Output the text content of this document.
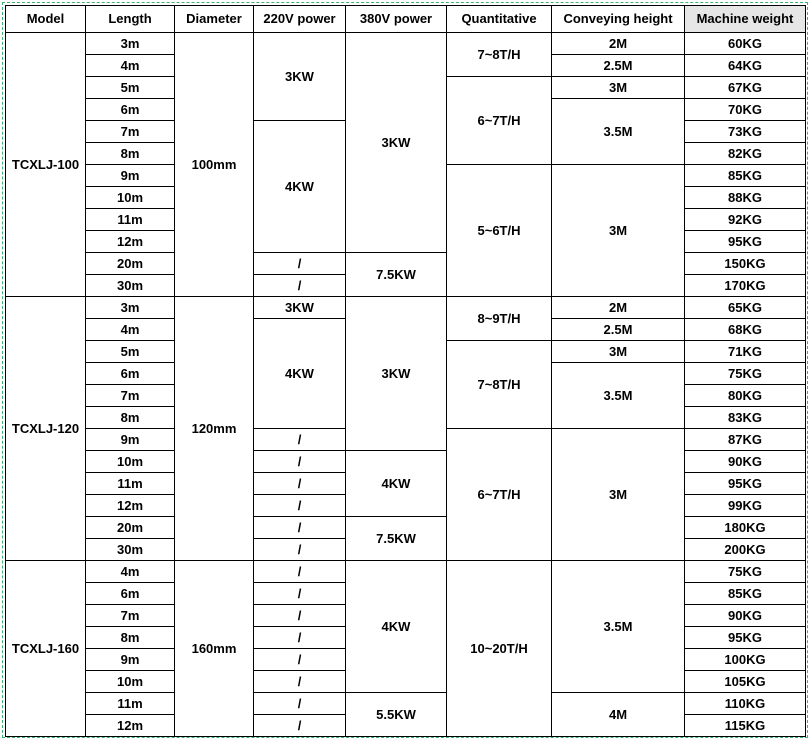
Model	Length	Diameter	220V power	380V power	Quantitative	Conveying height	Machine weight
TCXLJ-100	3m	100mm	3KW	3KW	7~8T/H	2M	60KG
	4m					2.5M	64KG
	5m				6~7T/H	3M	67KG
	6m					3.5M	70KG
	7m		4KW				73KG
	8m						82KG
	9m				5~6T/H	3M	85KG
	10m						88KG
	11m						92KG
	12m						95KG
	20m		/	7.5KW			150KG
	30m		/				170KG
TCXLJ-120	3m	120mm	3KW	3KW	8~9T/H	2M	65KG
	4m		4KW			2.5M	68KG
	5m				7~8T/H	3M	71KG
	6m					3.5M	75KG
	7m						80KG
	8m						83KG
	9m		/		6~7T/H	3M	87KG
	10m		/	4KW			90KG
	11m		/				95KG
	12m		/				99KG
	20m		/	7.5KW			180KG
	30m		/				200KG
TCXLJ-160	4m	160mm	/	4KW	10~20T/H	3.5M	75KG
	6m		/				85KG
	7m		/				90KG
	8m		/				95KG
	9m		/				100KG
	10m		/				105KG
	11m		/	5.5KW		4M	110KG
	12m		/				115KG
